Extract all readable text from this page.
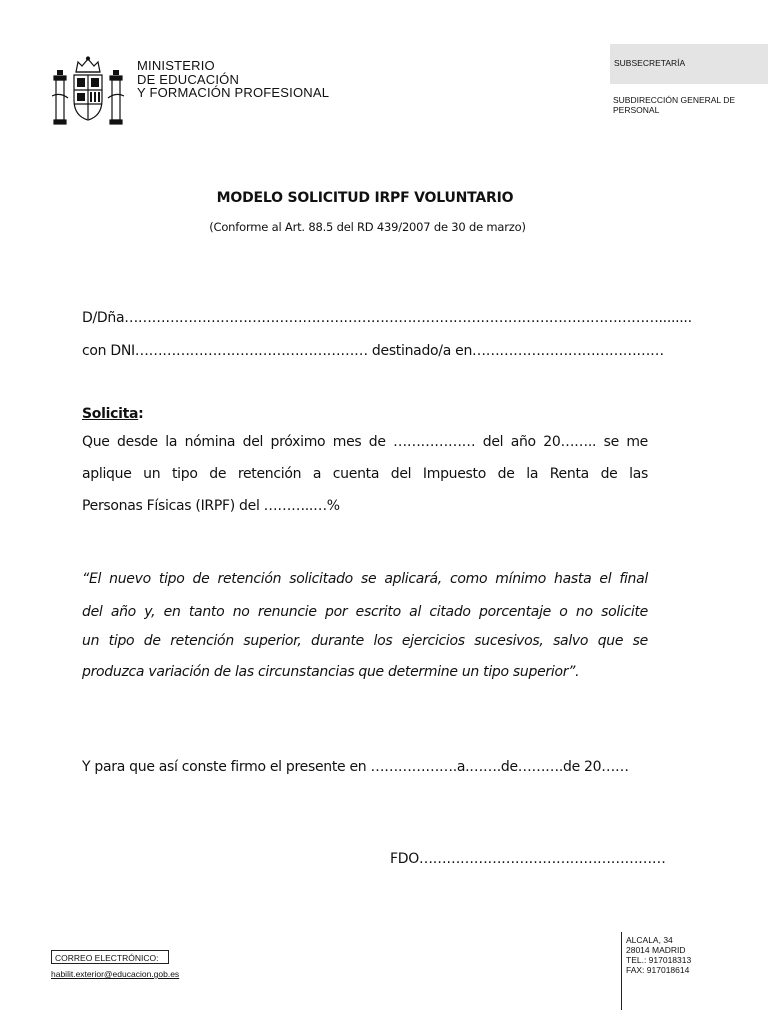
MINISTERIO
DE EDUCACIÓN
Y FORMACIÓN PROFESIONAL
SUBSECRETARÍA
SUBDIRECCIÓN GENERAL DE PERSONAL
MODELO SOLICITUD IRPF VOLUNTARIO
(Conforme al Art. 88.5 del RD 439/2007 de 30 de marzo)
D/Dña………………………………………………………………………………………………………........
con DNI…………………………………………… destinado/a en……………………………………
Solicita:
Que desde la nómina del próximo mes de ……………… del año 20…….. se me
aplique un tipo de retención a cuenta del Impuesto de la Renta de las
Personas Físicas (IRPF) del ………..…%
“El nuevo tipo de retención solicitado se aplicará, como mínimo hasta el final
del año y, en tanto no renuncie por escrito al citado porcentaje o no solicite
un tipo de retención superior, durante los ejercicios sucesivos, salvo que se
produzca variación de las circunstancias que determine un tipo superior”.
Y para que así conste firmo el presente en ……………….a.…….de……….de 20……
FDO………………………………………………
CORREO ELECTRÓNICO:
habilit.exterior@educacion.gob.es
ALCALA, 34
28014 MADRID
TEL.: 917018313
FAX: 917018614
